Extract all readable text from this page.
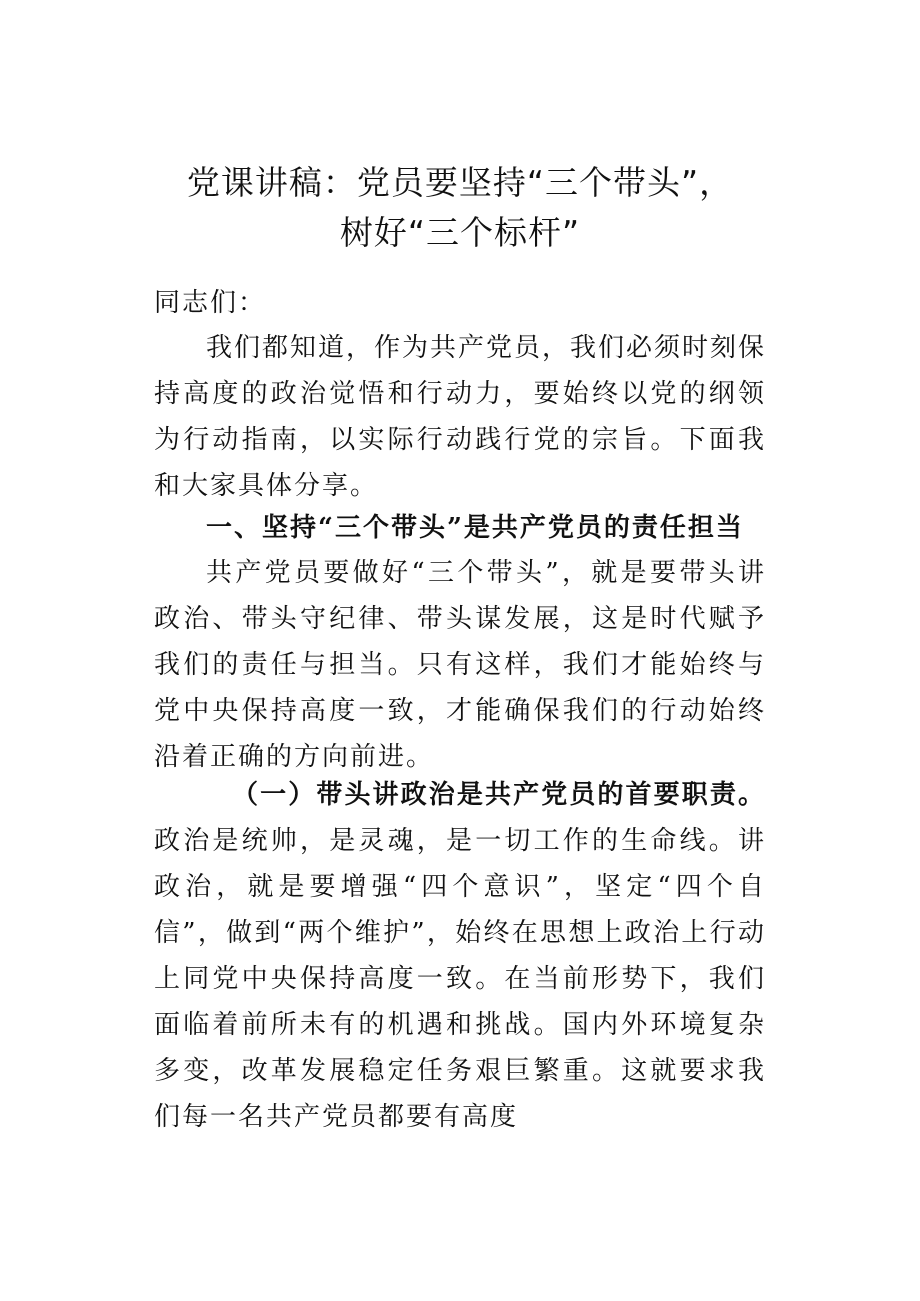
党课讲稿：党员要坚持“三个带头”，
树好“三个标杆”

同志们：

我们都知道，作为共产党员，我们必须时刻保持高度的政治觉悟和行动力，要始终以党的纲领为行动指南，以实际行动践行党的宗旨。下面我和大家具体分享。

一、坚持“三个带头”是共产党员的责任担当

共产党员要做好“三个带头”，就是要带头讲政治、带头守纪律、带头谋发展，这是时代赋予我们的责任与担当。只有这样，我们才能始终与党中央保持高度一致，才能确保我们的行动始终沿着正确的方向前进。

（一）带头讲政治是共产党员的首要职责。政治是统帅，是灵魂，是一切工作的生命线。讲政治，就是要增强“四个意识”，坚定“四个自信”，做到“两个维护”，始终在思想上政治上行动上同党中央保持高度一致。在当前形势下，我们面临着前所未有的机遇和挑战。国内外环境复杂多变，改革发展稳定任务艰巨繁重。这就要求我们每一名共产党员都要有高度
